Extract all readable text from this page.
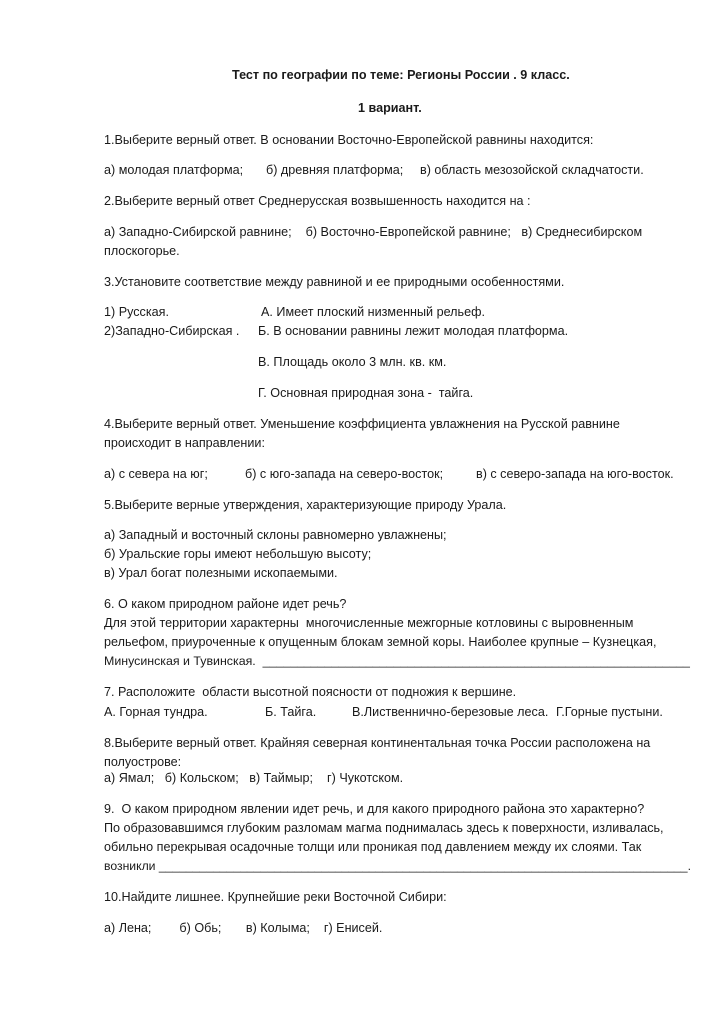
Тест по географии по теме: Регионы России . 9 класс.
1 вариант.
1.Выберите верный ответ. В основании Восточно-Европейской равнины находится:
а) молодая платформа; б) древняя платформа; в) область мезозойской складчатости.
2.Выберите верный ответ Среднерусская возвышенность находится на :
а) Западно-Сибирской равнине;    б) Восточно-Европейской равнине;   в) Среднесибирском
плоскогорье.
3.Установите соответствие между равниной и ее природными особенностями.
1) Русская.	А. Имеет плоский низменный рельеф.
2)Западно-Сибирская . Б. В основании равнины лежит молодая платформа.
В. Площадь около 3 млн. кв. км.
Г. Основная природная зона -  тайга.
4.Выберите верный ответ. Уменьшение коэффициента увлажнения на Русской равнине
происходит в направлении:
а) с севера на юг;	б) с юго-запада на северо-восток;	в) с северо-запада на юго-восток.
5.Выберите верные утверждения, характеризующие природу Урала.
а) Западный и восточный склоны равномерно увлажнены;
б) Уральские горы имеют небольшую высоту;
в) Урал богат полезными ископаемыми.
6. О каком природном районе идет речь?
Для этой территории характерны  многочисленные межгорные котловины с выровненным
рельефом, приуроченные к опущенным блокам земной коры. Наиболее крупные – Кузнецкая,
Минусинская и Тувинская.  ______________________________________________________________
7. Расположите  области высотной поясности от подножия к вершине.
А. Горная тундра.	Б. Тайга.	В.Лиственнично-березовые леса. Г.Горные пустыни.
8.Выберите верный ответ. Крайняя северная континентальная точка России расположена на
полуострове:
а) Ямал;   б) Кольском;   в) Таймыр;    г) Чукотском.
9.  О каком природном явлении идет речь, и для какого природного района это характерно?
По образовавшимся глубоким разломам магма поднималась здесь к поверхности, изливалась,
обильно перекрывая осадочные толщи или проникая под давлением между их слоями. Так
возникли ______________________________________________________________________________.
10.Найдите лишнее. Крупнейшие реки Восточной Сибири:
а) Лена;        б) Обь;       в) Колыма;    г) Енисей.
